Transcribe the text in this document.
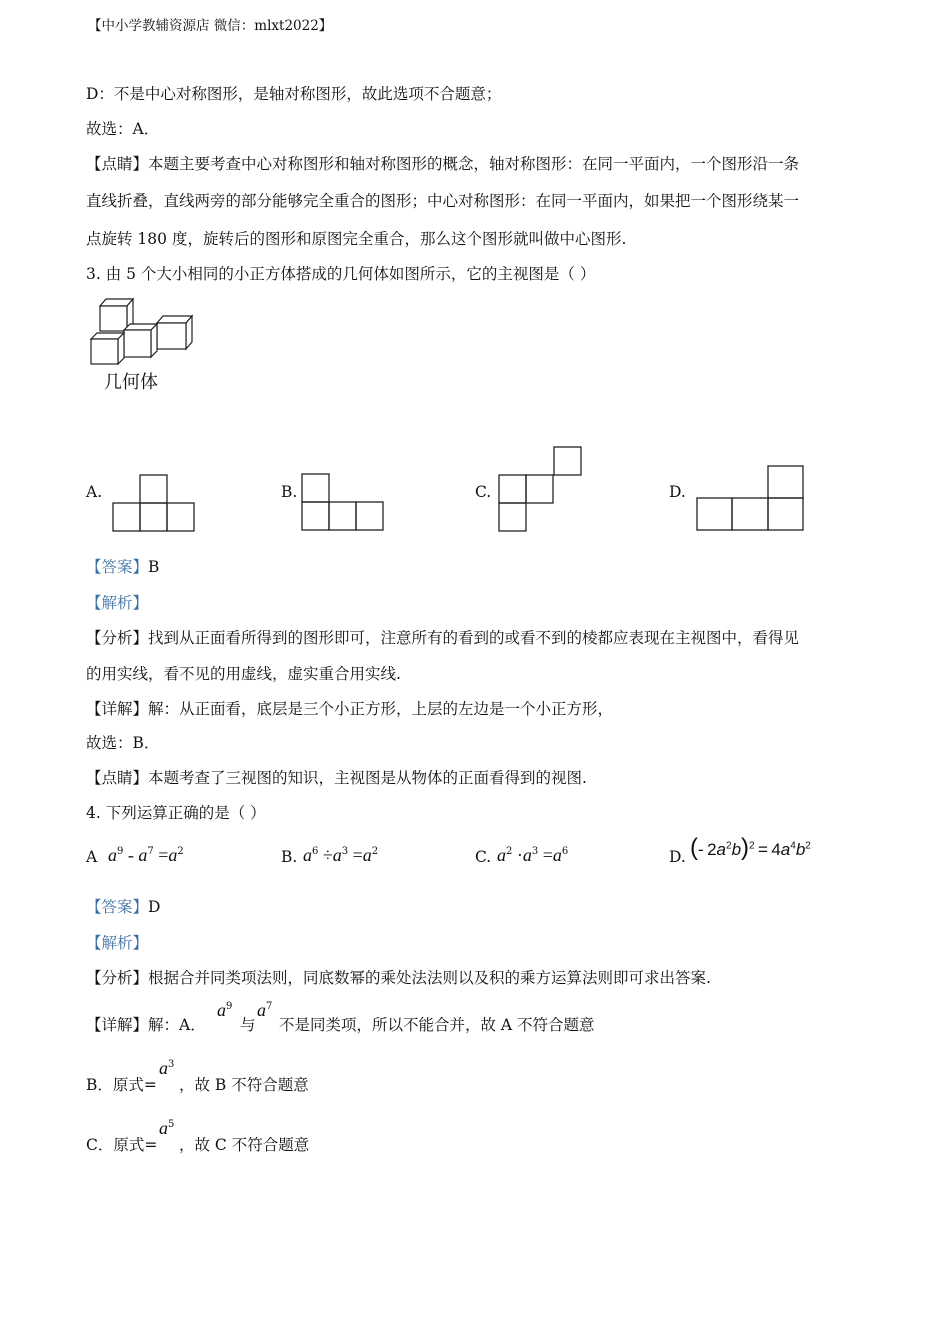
【中小学教辅资源店 微信：mlxt2022】
D：不是中心对称图形，是轴对称图形，故此选项不合题意；
故选：A．
【点睛】本题主要考查中心对称图形和轴对称图形的概念，轴对称图形：在同一平面内，一个图形沿一条
直线折叠，直线两旁的部分能够完全重合的图形；中心对称图形：在同一平面内，如果把一个图形绕某一
点旋转 180 度，旋转后的图形和原图完全重合，那么这个图形就叫做中心图形.
3. 由 5 个大小相同的小正方体搭成的几何体如图所示，它的主视图是（ ）
几何体
A.	B.	C.	D.
【答案】B
【解析】
【分析】找到从正面看所得到的图形即可，注意所有的看到的或看不到的棱都应表现在主视图中，看得见
的用实线，看不见的用虚线，虚实重合用实线.
【详解】解：从正面看，底层是三个小正方形，上层的左边是一个小正方形，
故选：B．
【点睛】本题考查了三视图的知识，主视图是从物体的正面看得到的视图.
4. 下列运算正确的是（ ）
A $a^9 - a^7 =a^2$	B. $a^6 \div a^3 =a^2$	C. $a^2 \cdot a^3 =a^6$	D. (- $2a^2b)^2 = 4a^4b^2$
【答案】D
【解析】
【分析】根据合并同类项法则，同底数幂的乘处法法则以及积的乘方运算法则即可求出答案.
【详解】解：A．
$a^9$
与
$a^7$
不是同类项，所以不能合并，故 A 不符合题意
B．原式=
$a^3$
，故 B 不符合题意
C．原式=
$a^5$
，故 C 不符合题意
